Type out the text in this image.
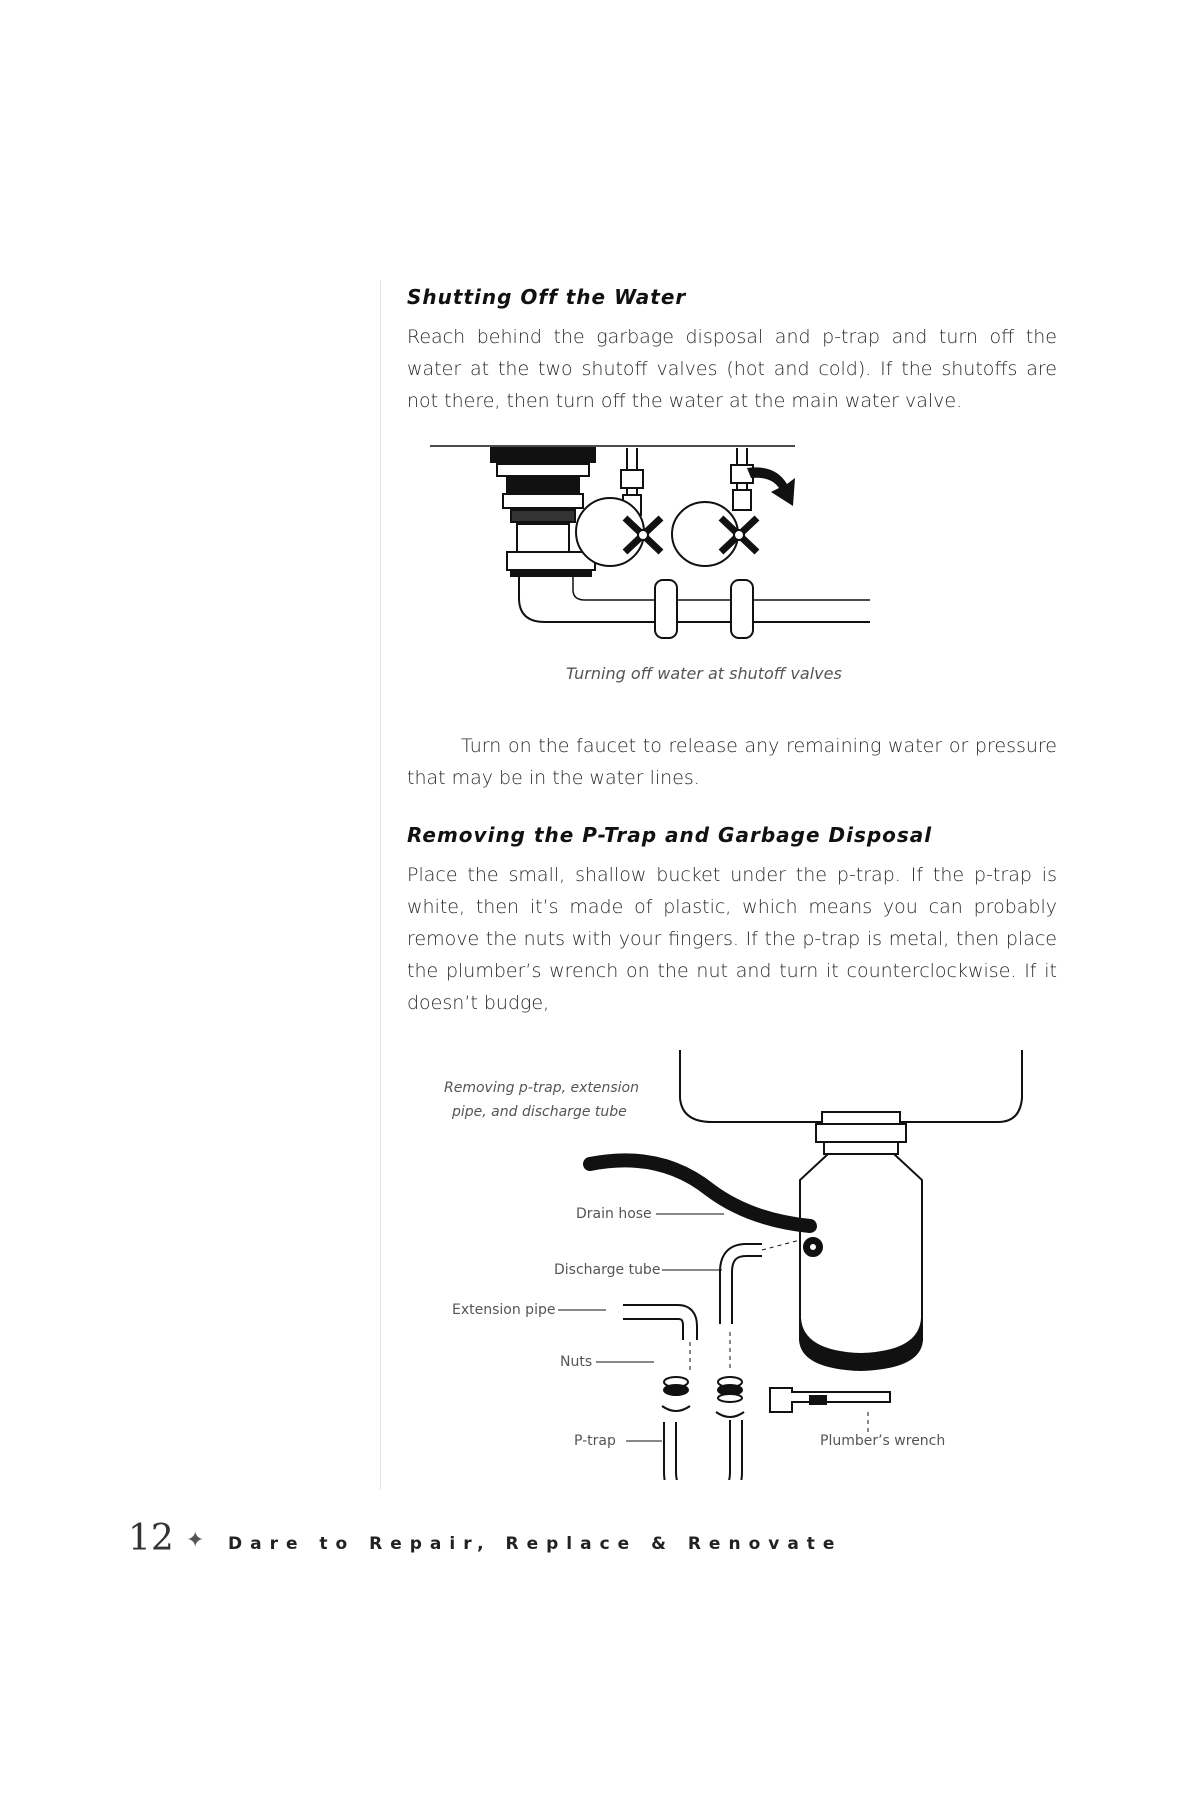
Shutting Off the Water

Reach behind the garbage disposal and p-trap and turn off the water at the two shutoff valves (hot and cold). If the shutoffs are not there, then turn off the water at the main water valve.

Turning off water at shutoff valves

Turn on the faucet to release any remaining water or pressure that may be in the water lines.

Removing the P-Trap and Garbage Disposal

Place the small, shallow bucket under the p-trap. If the p-trap is white, then it’s made of plastic, which means you can probably remove the nuts with your fingers. If the p-trap is metal, then place the plumber’s wrench on the nut and turn it counterclockwise. If it doesn’t budge,

Removing p-trap, extension
pipe, and discharge tube
Drain hose
Discharge tube
Extension pipe
Nuts
P-trap	Plumber’s wrench
12 ✦ Dare to Repair, Replace & Renovate
